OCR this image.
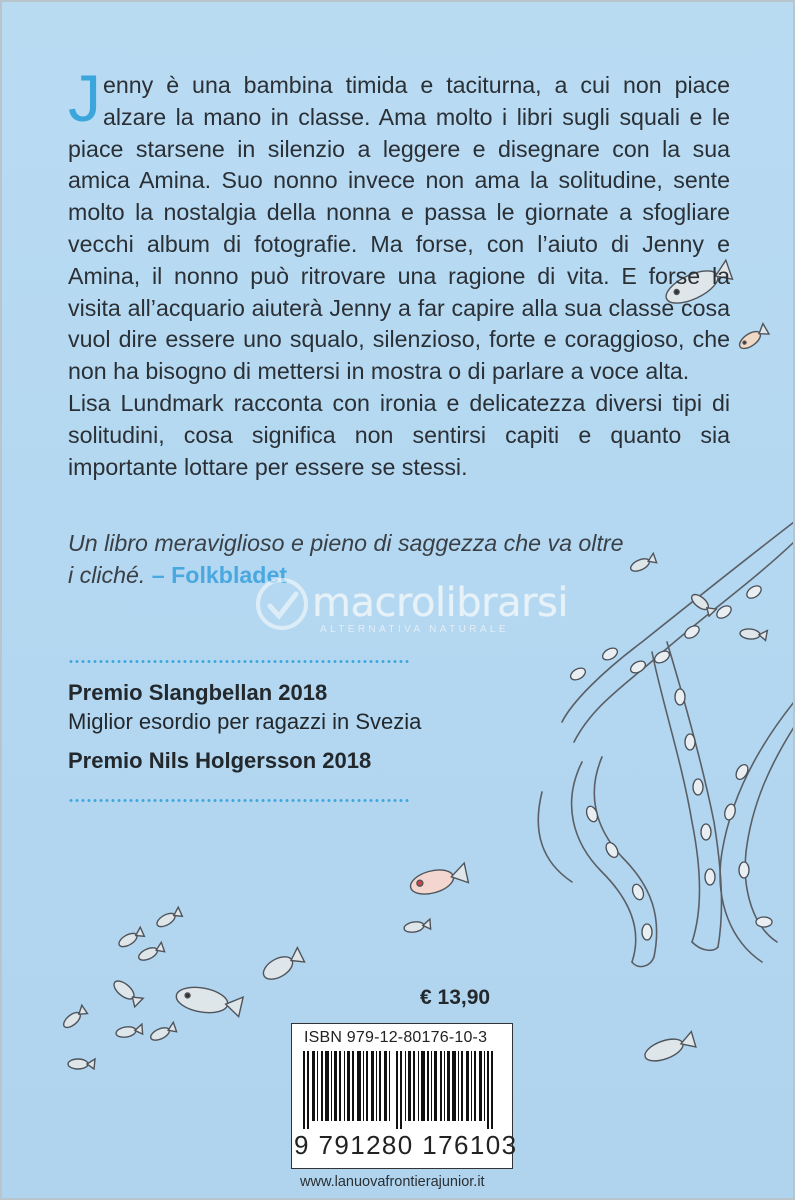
Jenny è una bambina timida e taciturna, a cui non piace alzare la mano in classe. Ama molto i libri sugli squali e le piace starsene in silenzio a leggere e disegnare con la sua amica Amina. Suo nonno invece non ama la solitudine, sente molto la nostalgia della nonna e passa le giornate a sfogliare vecchi album di fotografie. Ma forse, con l’aiuto di Jenny e Amina, il nonno può ritrovare una ragione di vita. E forse la visita all’acquario aiuterà Jenny a far capire alla sua classe cosa vuol dire essere uno squalo, silenzioso, forte e coraggioso, che non ha bisogno di mettersi in mostra o di parlare a voce alta.

Lisa Lundmark racconta con ironia e delicatezza diversi tipi di solitudini, cosa significa non sentirsi capiti e quanto sia importante lottare per essere se stessi.

Un libro meraviglioso e pieno di saggezza che va oltre i cliché. – Folkbladet

macrolibrarsi
ALTERNATIVA NATURALE

Premio Slangbellan 2018

Miglior esordio per ragazzi in Svezia

Premio Nils Holgersson 2018

€ 13,90
ISBN 979-12-80176-10-3
9 791280 176103
www.lanuovafrontierajunior.it
